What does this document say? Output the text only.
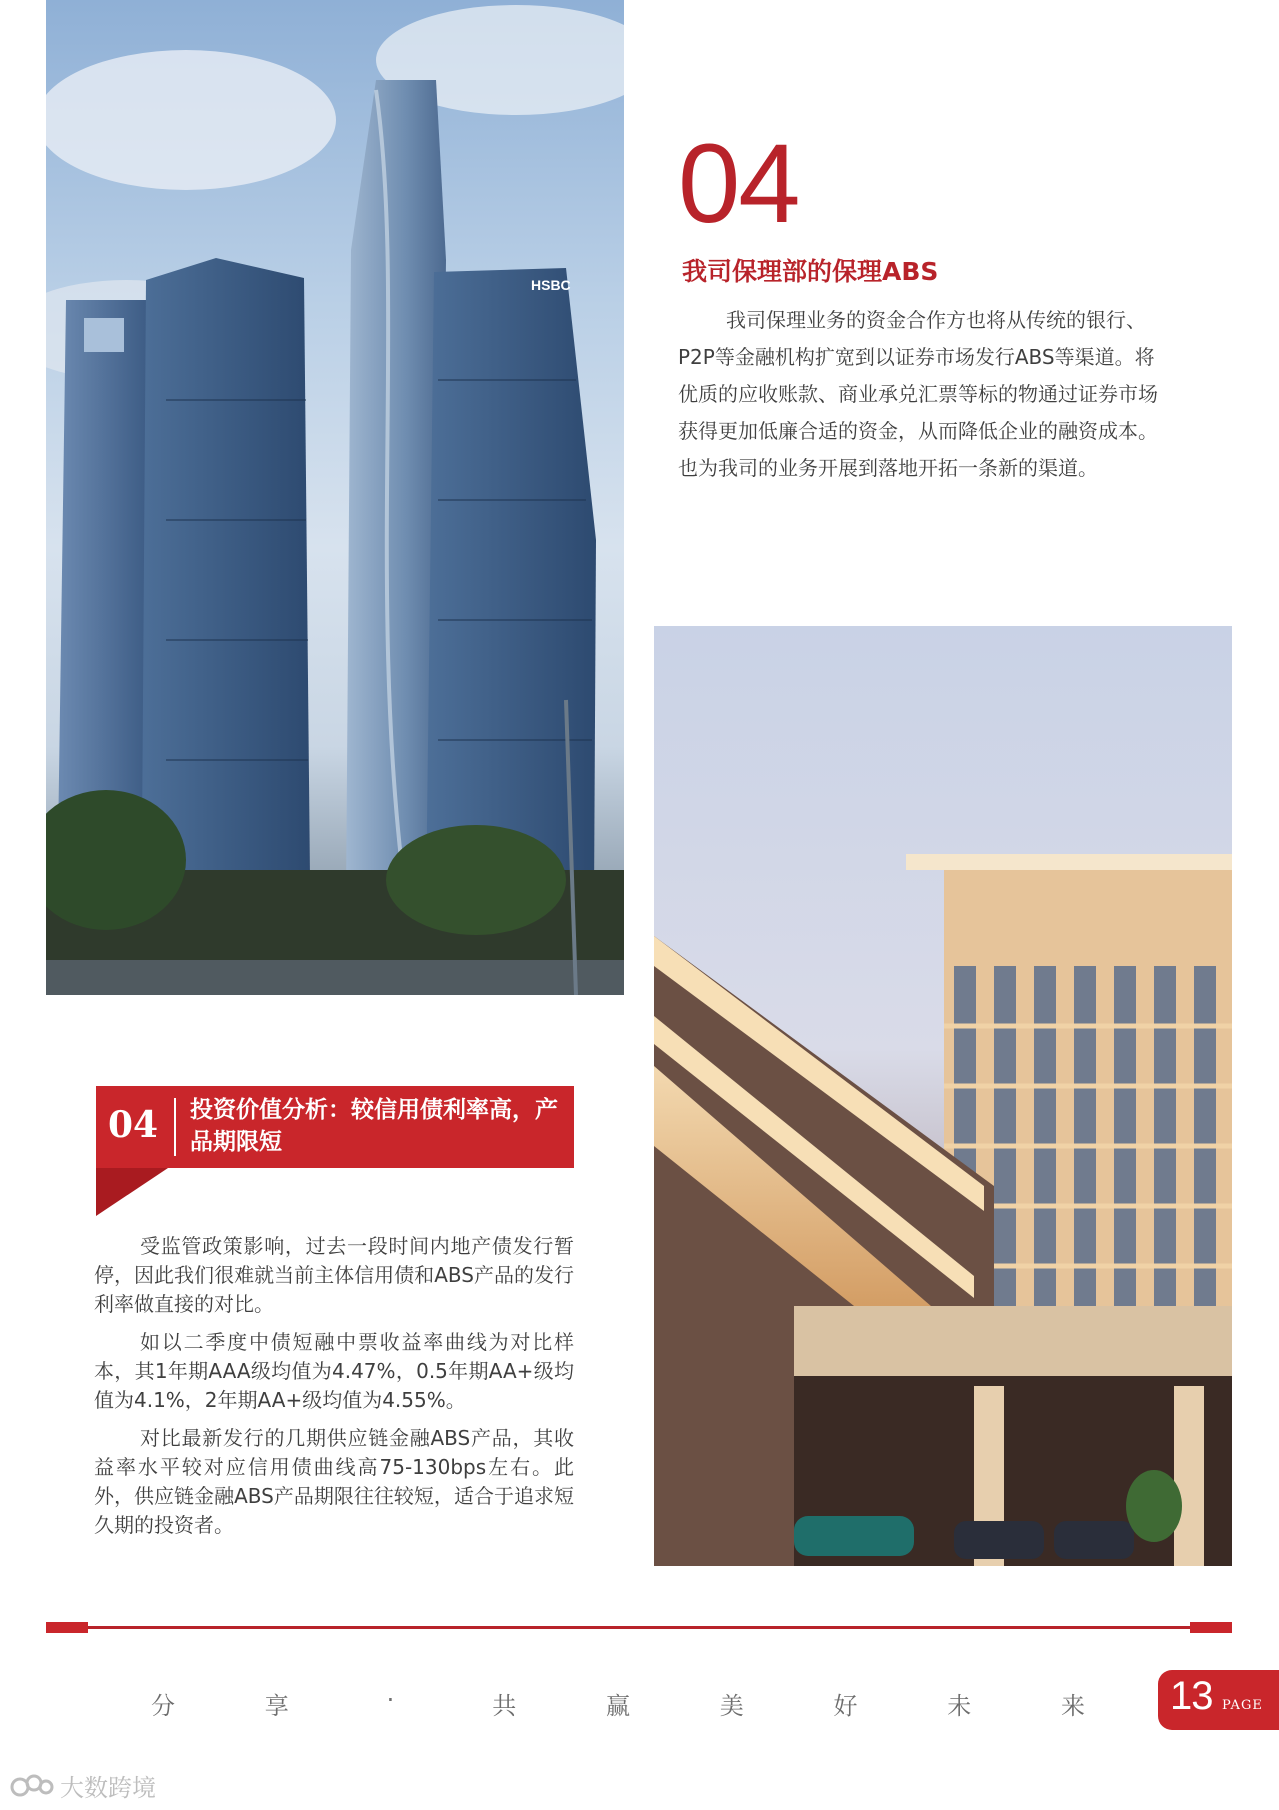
HSBC
04
我司保理部的保理ABS

我司保理业务的资金合作方也将从传统的银行、

P2P等金融机构扩宽到以证券市场发行ABS等渠道。将

优质的应收账款、商业承兑汇票等标的物通过证券市场

获得更加低廉合适的资金，从而降低企业的融资成本。

也为我司的业务开展到落地开拓一条新的渠道。

04 投资价值分析：较信用债利率高，产品期限短

受监管政策影响，过去一段时间内地产债发行暂停，因此我们很难就当前主体信用债和ABS产品的发行利率做直接的对比。

如以二季度中债短融中票收益率曲线为对比样本，其1年期AAA级均值为4.47%，0.5年期AA+级均值为4.1%，2年期AA+级均值为4.55%。

对比最新发行的几期供应链金融ABS产品，其收益率水平较对应信用债曲线高75-130bps左右。此外，供应链金融ABS产品期限往往较短，适合于追求短久期的投资者。

分	享	·	共	赢	美	好	未	来 13 PAGE
大数跨境
